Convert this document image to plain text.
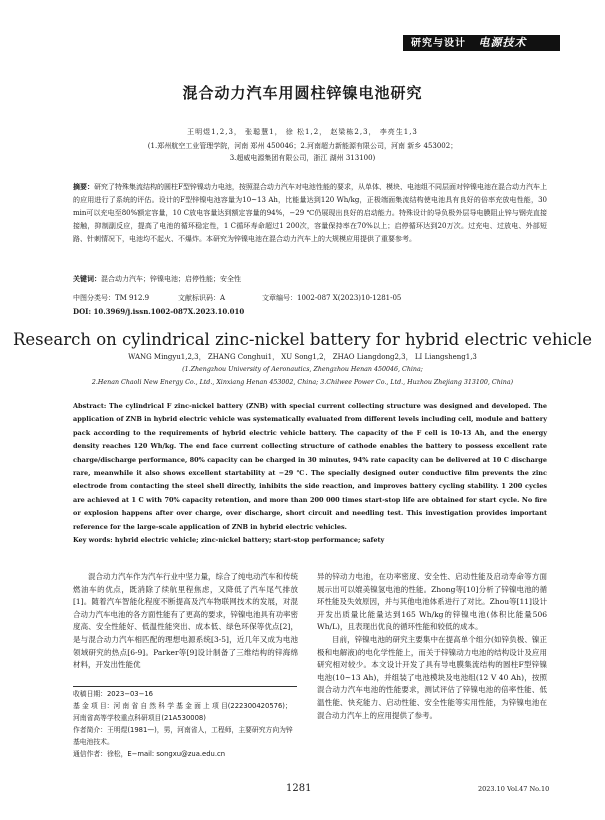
研究与设计 电源技术
混合动力汽车用圆柱锌镍电池研究
王明煜1,2,3， 张聪慧1， 徐 松1,2， 赵梁栋2,3， 李亮生1,3
(1.郑州航空工业管理学院，河南 郑州 450046；2.河南超力新能源有限公司，河南 新乡 453002；
3.超威电源集团有限公司，浙江 湖州 313100)
摘要：研究了特殊集流结构的圆柱F型锌镍动力电池，按照混合动力汽车对电池性能的要求，从单体、模块、电池组不同层面对锌镍电池在混合动力汽车上的应用进行了系统的评估。设计的F型锌镍电池容量为10~13 Ah，比能量达到120 Wh/kg，正极端面集流结构使电池具有良好的倍率充放电性能，30 min可以充电至80%额定容量，10 C放电容量达到额定容量的94%，−29 ℃仍展现出良好的启动能力。特殊设计的导负极外层导电膜阻止锌与钢壳直接接触，抑制副反应，提高了电池的循环稳定性，1 C循环寿命超过1 200次，容量保持率在70%以上；启停循环达到20万次。过充电、过放电、外部短路、针刺情况下，电池均不起火、不爆炸。本研究为锌镍电池在混合动力汽车上的大规模应用提供了重要参考。
关键词：混合动力汽车；锌镍电池；启停性能；安全性
中图分类号：TM 912.9	文献标识码：A	文章编号：1002-087 X(2023)10-1281-05
DOI: 10.3969/j.issn.1002-087X.2023.10.010
Research on cylindrical zinc-nickel battery for hybrid electric vehicle
WANG Mingyu1,2,3， ZHANG Conghui1， XU Song1,2， ZHAO Liangdong2,3， LI Liangsheng1,3
(1.Zhengzhou University of Aeronautics, Zhengzhou Henan 450046, China;
2.Henan Chaoli New Energy Co., Ltd., Xinxiang Henan 453002, China; 3.Chilwee Power Co., Ltd., Huzhou Zhejiang 313100, China)
Abstract: The cylindrical F zinc-nickel battery (ZNB) with special current collecting structure was designed and developed. The application of ZNB in hybrid electric vehicle was systematically evaluated from different levels including cell, module and battery pack according to the requirements of hybrid electric vehicle battery. The capacity of the F cell is 10-13 Ah, and the energy density reaches 120 Wh/kg. The end face current collecting structure of cathode enables the battery to possess excellent rate charge/discharge performance, 80% capacity can be charged in 30 minutes, 94% rate capacity can be delivered at 10 C discharge rare, meanwhile it also shows excellent startability at −29 ℃. The specially designed outer conductive film prevents the zinc electrode from contacting the steel shell directly, inhibits the side reaction, and improves battery cycling stability. 1 200 cycles are achieved at 1 C with 70% capacity retention, and more than 200 000 times start-stop life are obtained for start cycle. No fire or explosion happens after over charge, over discharge, short circuit and needling test. This investigation provides important reference for the large-scale application of ZNB in hybrid electric vehicles.
Key words: hybrid electric vehicle; zinc-nickel battery; start-stop performance; safety

混合动力汽车作为汽车行业中坚力量，综合了纯电动汽车和传统燃油车的优点，既消除了续航里程焦虑，又降低了汽车尾气排放[1]。随着汽车智能化程度不断提高及汽车物联网技术的发展，对混合动力汽车电池的各方面性能有了更高的要求，锌镍电池具有功率密度高、安全性能好、低温性能突出、成本低、绿色环保等优点[2]，是与混合动力汽车相匹配的理想电源系统[3-5]，近几年又成为电池领域研究的热点[6-9]。Parker等[9]设计制备了三维结构的锌海绵材料，开发出性能优

异的锌动力电池，在功率密度、安全性、启动性能及启动寿命等方面展示出可以媲美镍氢电池的性能。Zhong等[10]分析了锌镍电池的循环性能及失效原因，并与其他电池体系进行了对比。Zhou等[11]设计开发出质量比能量达到165 Wh/kg的锌镍电池(体积比能量506 Wh/L)，且表现出优良的循环性能和较低的成本。

目前，锌镍电池的研究主要集中在提高单个组分(如锌负极、镍正极和电解液)的电化学性能上，而关于锌镍动力电池的结构设计及应用研究相对较少。本文设计开发了具有导电膜集流结构的圆柱F型锌镍电池(10~13 Ah)，并组装了电池模块及电池组(12 V 40 Ah)，按照混合动力汽车电池的性能要求，测试评估了锌镍电池的倍率性能、低温性能、快充能力、启动性能、安全性能等实用性能，为锌镍电池在混合动力汽车上的应用提供了参考。

收稿日期：2023−03−16
基 金 项 目：河 南 省 自 然 科 学 基 金 面 上 项 目(222300420576)；河南省高等学校重点科研项目(21A530008)
作者简介：王明煜(1981—)，男，河南省人，工程师，主要研究方向为锌基电池技术。
通信作者：徐松，E−mail: songxu@zua.edu.cn
1281	2023.10 Vol.47 No.10
